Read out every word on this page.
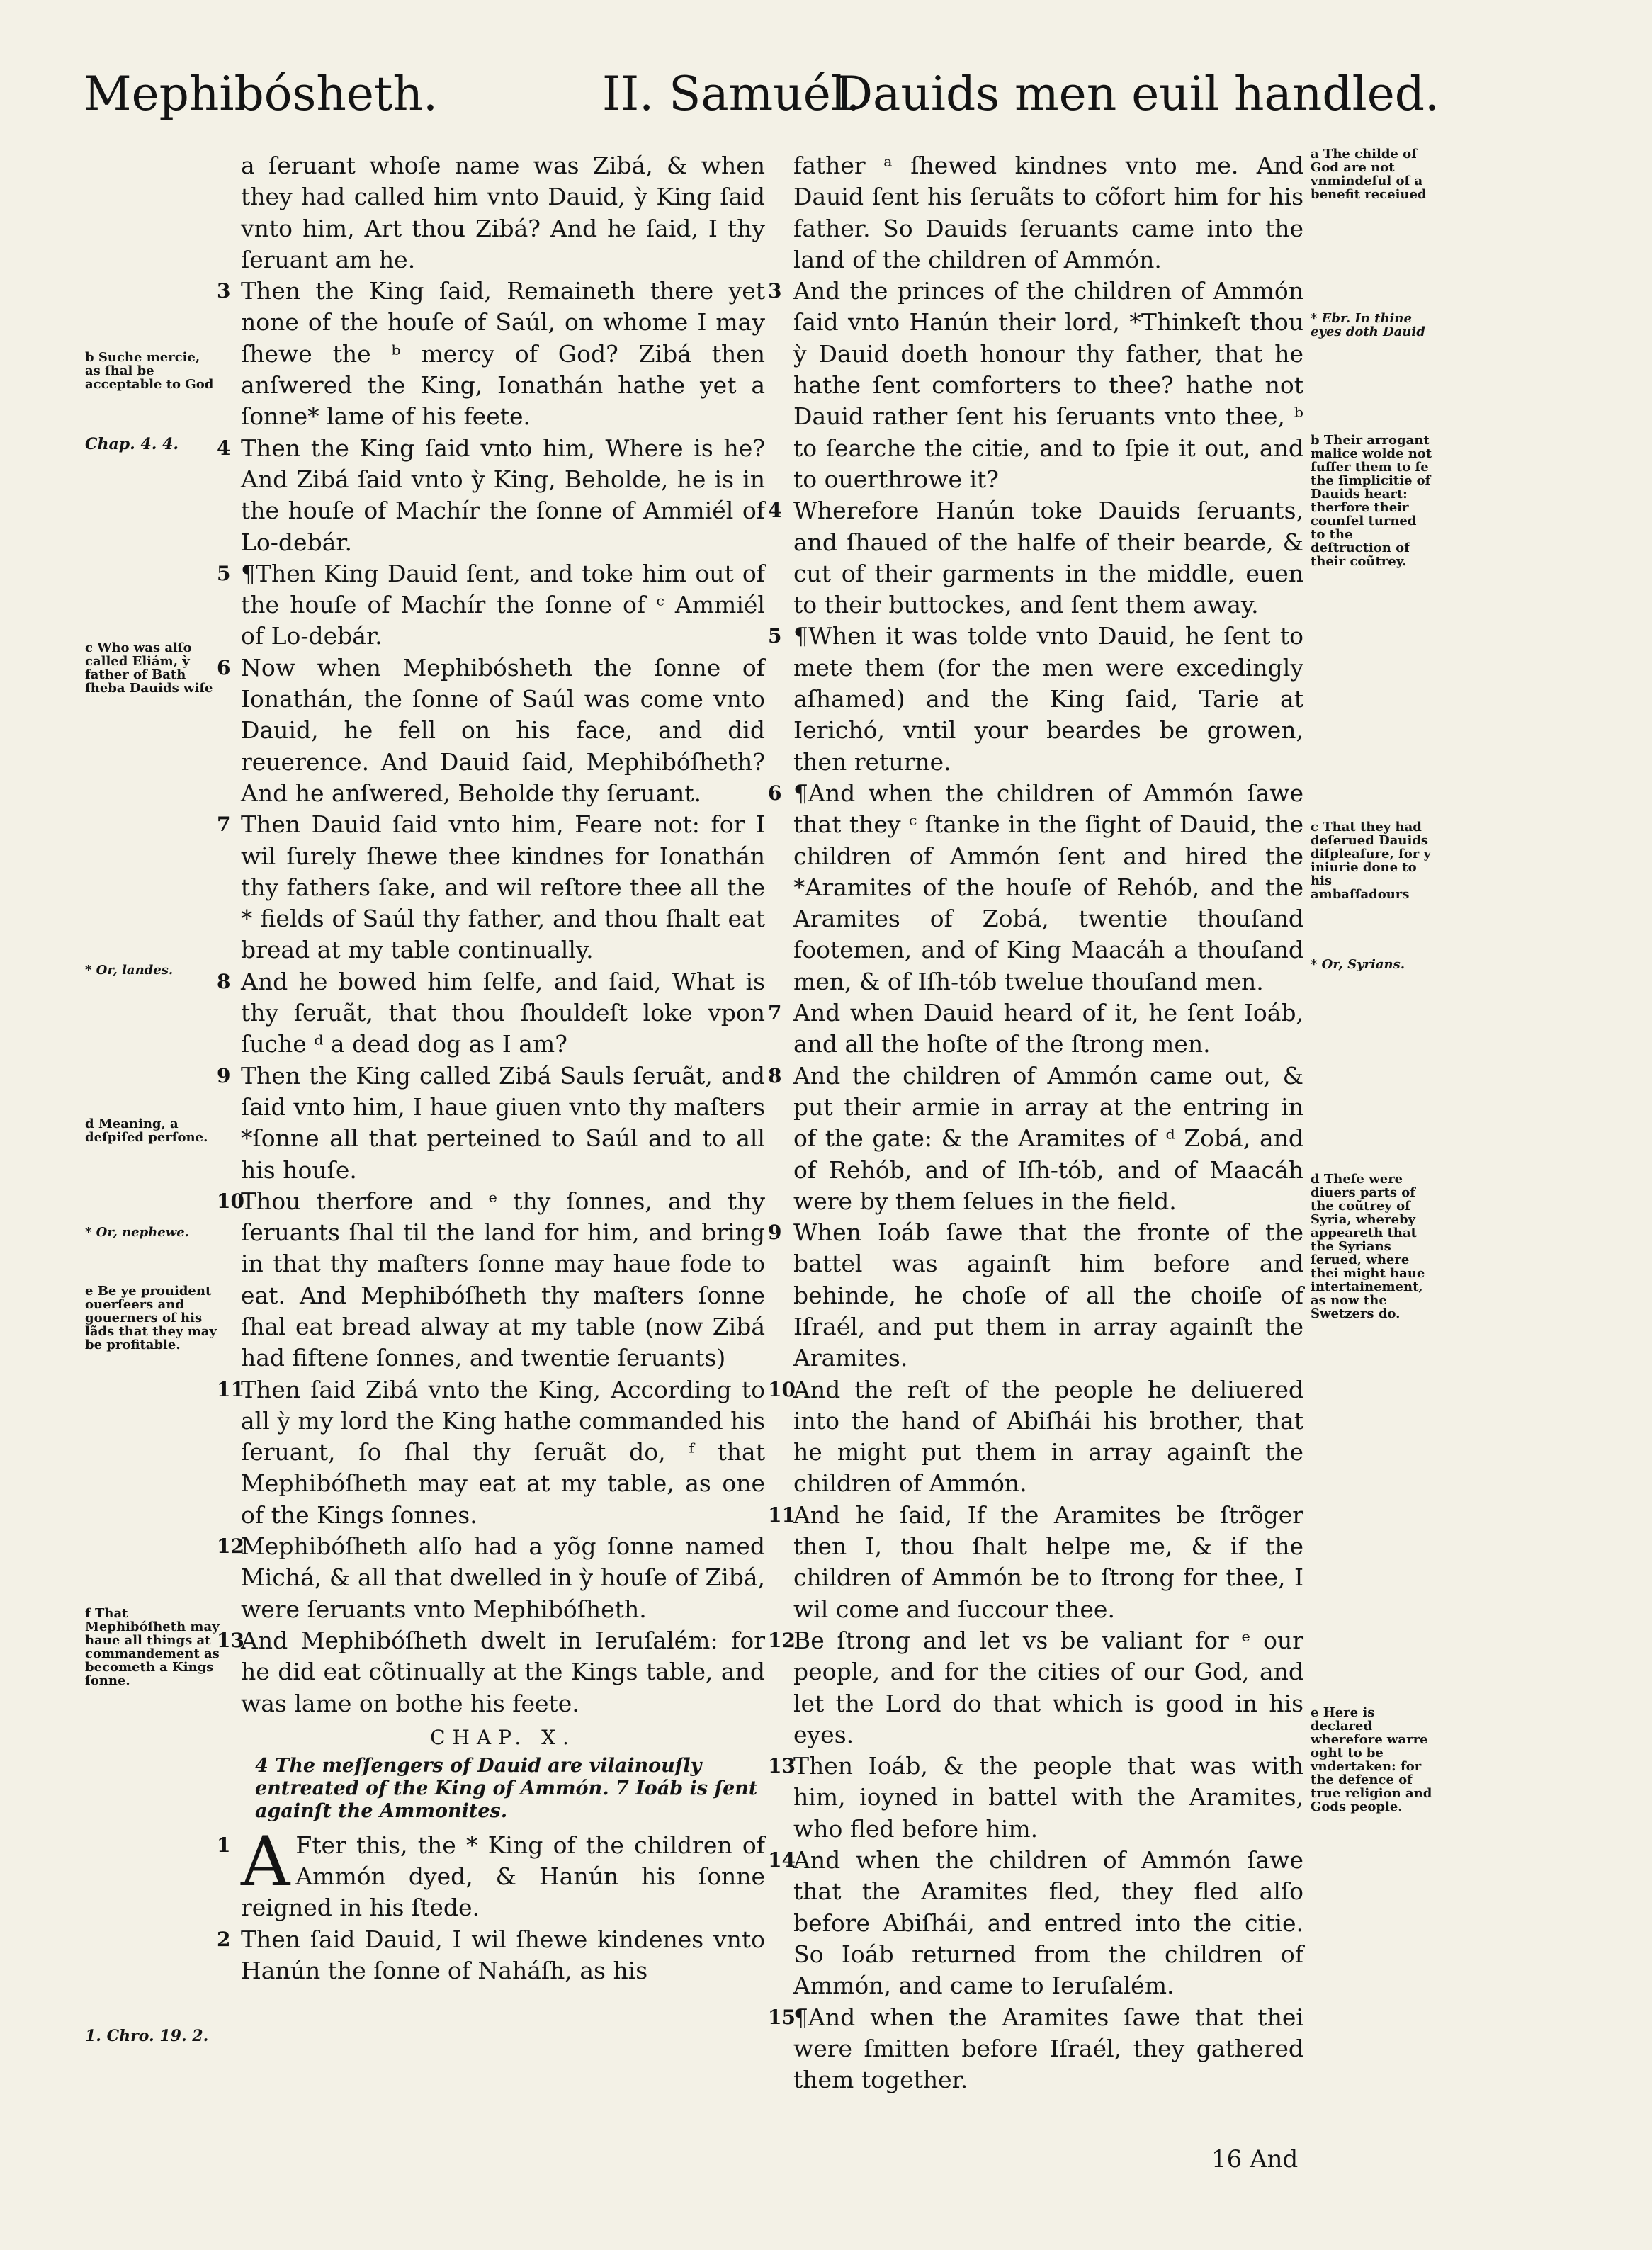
Mephibósheth.	II. Samuél.
Dauids men euil handled.
a ſeruant whoſe name was Zibá, & when they had called him vnto Dauid, ỳ King ſaid vnto him, Art thou Zibá? And he ſaid, I thy ſeruant am he.
3 Then the King ſaid, Remaineth there yet none of the houſe of Saúl, on whome I may ſhewe the ᵇ mercy of God? Zibá then anſwered the King, Ionathán hathe yet a ſonne* lame of his feete.
4 Then the King ſaid vnto him, Where is he? And Zibá ſaid vnto ỳ King, Beholde, he is in the houſe of Machír the ſonne of Ammiél of Lo-debár.
5 ¶Then King Dauid ſent, and toke him out of the houſe of Machír the ſonne of ᶜ Ammiél of Lo-debár.
6 Now when Mephibósheth the ſonne of Ionathán, the ſonne of Saúl was come vnto Dauid, he fell on his face, and did reuerence. And Dauid ſaid, Mephibóſheth? And he anſwered, Beholde thy ſeruant.
7 Then Dauid ſaid vnto him, Feare not: for I wil ſurely ſhewe thee kindnes for Ionathán thy fathers ſake, and wil reſtore thee all the * fields of Saúl thy father, and thou ſhalt eat bread at my table continually.
8 And he bowed him ſelfe, and ſaid, What is thy ſeruãt, that thou ſhouldeſt loke vpon ſuche ᵈ a dead dog as I am?
9 Then the King called Zibá Sauls ſeruãt, and ſaid vnto him, I haue giuen vnto thy maſters *ſonne all that perteined to Saúl and to all his houſe.
10
Thou therfore and ᵉ thy ſonnes, and thy ſeruants ſhal til the land for him, and bring in that thy maſters ſonne may haue fode to eat. And Mephibóſheth thy maſters ſonne ſhal eat bread alway at my table (now Zibá had fiftene ſonnes, and twentie ſeruants)
11
Then ſaid Zibá vnto the King, According to all ỳ my lord the King hathe commanded his ſeruant, ſo ſhal thy ſeruãt do, ᶠ that Mephibóſheth may eat at my table, as one of the Kings ſonnes.
12
Mephibóſheth alſo had a yõg ſonne named Michá, & all that dwelled in ỳ houſe of Zibá, were ſeruants vnto Mephibóſheth.
13
And Mephibóſheth dwelt in Ieruſalém: for he did eat cõtinually at the Kings table, and was lame on bothe his feete.
CHAP. X.
4 The meſſengers of Dauid are vilainouſly entreated of the King of Ammón. 7 Ioáb is ſent againſt the Ammonites.
1 A Fter this, the * King of the children of Ammón dyed, & Hanún his ſonne reigned in his ſtede.
2 Then ſaid Dauid, I wil ſhewe kindenes vnto Hanún the ſonne of Naháſh, as his
father ᵃ ſhewed kindnes vnto me. And Dauid ſent his ſeruãts to cõfort him for his father. So Dauids ſeruants came into the land of the children of Ammón.
3 And the princes of the children of Ammón ſaid vnto Hanún their lord, *Thinkeſt thou ỳ Dauid doeth honour thy father, that he hathe ſent comforters to thee? hathe not Dauid rather ſent his ſeruants vnto thee, ᵇ to ſearche the citie, and to ſpie it out, and to ouerthrowe it?
4 Wherefore Hanún toke Dauids ſeruants, and ſhaued of the halfe of their bearde, & cut of their garments in the middle, euen to their buttockes, and ſent them away.
5 ¶When it was tolde vnto Dauid, he ſent to mete them (for the men were excedingly aſhamed) and the King ſaid, Tarie at Ierichó, vntil your beardes be growen, then returne.
6 ¶And when the children of Ammón ſawe that they ᶜ ſtanke in the ſight of Dauid, the children of Ammón ſent and hired the *Aramites of the houſe of Rehób, and the Aramites of Zobá, twentie thouſand footemen, and of King Maacáh a thouſand men, & of Iſh-tób twelue thouſand men.
7 And when Dauid heard of it, he ſent Ioáb, and all the hoſte of the ſtrong men.
8 And the children of Ammón came out, & put their armie in array at the entring in of the gate: & the Aramites of ᵈ Zobá, and of Rehób, and of Iſh-tób, and of Maacáh were by them ſelues in the field.
9 When Ioáb ſawe that the fronte of the battel was againſt him before and behinde, he choſe of all the choiſe of Iſraél, and put them in array againſt the Aramites.
10
And the reſt of the people he deliuered into the hand of Abiſhái his brother, that he might put them in array againſt the children of Ammón.
11
And he ſaid, If the Aramites be ſtrõger then I, thou ſhalt helpe me, & if the children of Ammón be to ſtrong for thee, I wil come and ſuccour thee.
12
Be ſtrong and let vs be valiant for ᵉ our people, and for the cities of our God, and let the Lord do that which is good in his eyes.
13
Then Ioáb, & the people that was with him, ioyned in battel with the Aramites, who fled before him.
14
And when the children of Ammón ſawe that the Aramites fled, they fled alſo before Abiſhái, and entred into the citie. So Ioáb returned from the children of Ammón, and came to Ieruſalém.
15
¶And when the Aramites ſawe that thei were ſmitten before Iſraél, they gathered them together.
16 And
b Suche mercie, as ſhal be acceptable to God
Chap. 4. 4.
c Who was alſo called Eliám, ỳ father of Bath ſheba Dauids wife
* Or, landes.
d Meaning, a deſpiſed perſone.
* Or, nephewe.
e Be ye prouident ouerſeers and gouerners of his lãds that they may be profitable.
f That Mephibóſheth may haue all things at commandement as becometh a Kings ſonne.
1. Chro. 19. 2.
a The childe of God are not vnmindeful of a benefit receiued
* Ebr. In thine eyes doth Dauid
b Their arrogant malice wolde not ſuffer them to ſe the ſimplicitie of Dauids heart: therfore their counſel turned to the deſtruction of their coũtrey.
c That they had deſerued Dauids diſpleaſure, for y iniurie done to his ambaſſadours
* Or, Syrians.
d Theſe were diuers parts of the coũtrey of Syria, whereby appeareth that the Syrians ſerued, where thei might haue intertainement, as now the Swetzers do.
e Here is declared wherefore warre oght to be vndertaken: for the defence of true religion and Gods people.
